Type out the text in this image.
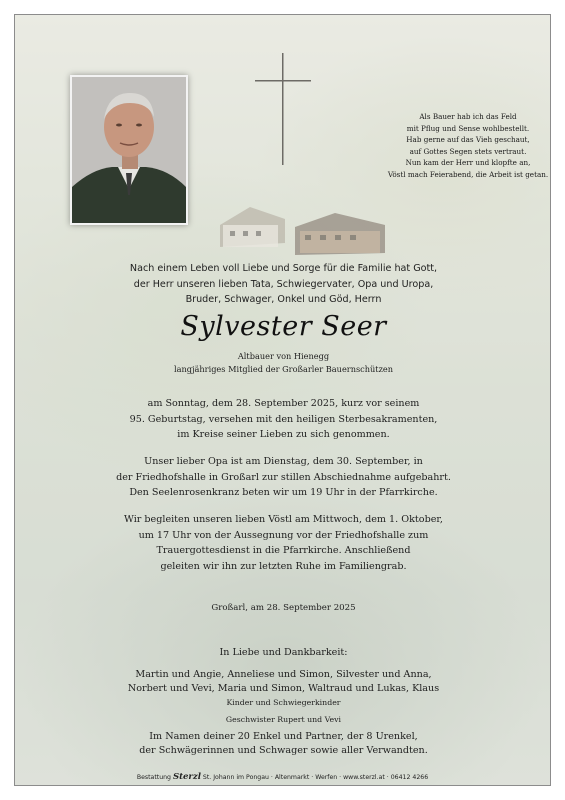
Als Bauer hab ich das Feld
mit Pflug und Sense wohlbestellt.
Hab gerne auf das Vieh geschaut,
auf Gottes Segen stets vertraut.
Nun kam der Herr und klopfte an,
Vöstl mach Feierabend, die Arbeit ist getan.
Nach einem Leben voll Liebe und Sorge für die Familie hat Gott,
der Herr unseren lieben Tata, Schwiegervater, Opa und Uropa,
Bruder, Schwager, Onkel und Göd, Herrn
Sylvester Seer
Altbauer von Hienegg
langjähriges Mitglied der Großarler Bauernschützen
am Sonntag, dem 28. September 2025, kurz vor seinem
95. Geburtstag, versehen mit den heiligen Sterbesakramenten,
im Kreise seiner Lieben zu sich genommen.
Unser lieber Opa ist am Dienstag, dem 30. September, in
der Friedhofshalle in Großarl zur stillen Abschiednahme aufgebahrt.
Den Seelenrosenkranz beten wir um 19 Uhr in der Pfarrkirche.
Wir begleiten unseren lieben Vöstl am Mittwoch, dem 1. Oktober,
um 17 Uhr von der Aussegnung vor der Friedhofshalle zum
Trauergottesdienst in die Pfarrkirche. Anschließend
geleiten wir ihn zur letzten Ruhe im Familiengrab.
Großarl, am 28. September 2025
In Liebe und Dankbarkeit:
Martin und Angie, Anneliese und Simon, Silvester und Anna,
Norbert und Vevi, Maria und Simon, Waltraud und Lukas, Klaus
Kinder und Schwiegerkinder
Geschwister Rupert und Vevi
Im Namen deiner 20 Enkel und Partner, der 8 Urenkel,
der Schwägerinnen und Schwager sowie aller Verwandten.
Bestattung Sterzl St. Johann im Pongau · Altenmarkt · Werfen · www.sterzl.at · 06412 4266
